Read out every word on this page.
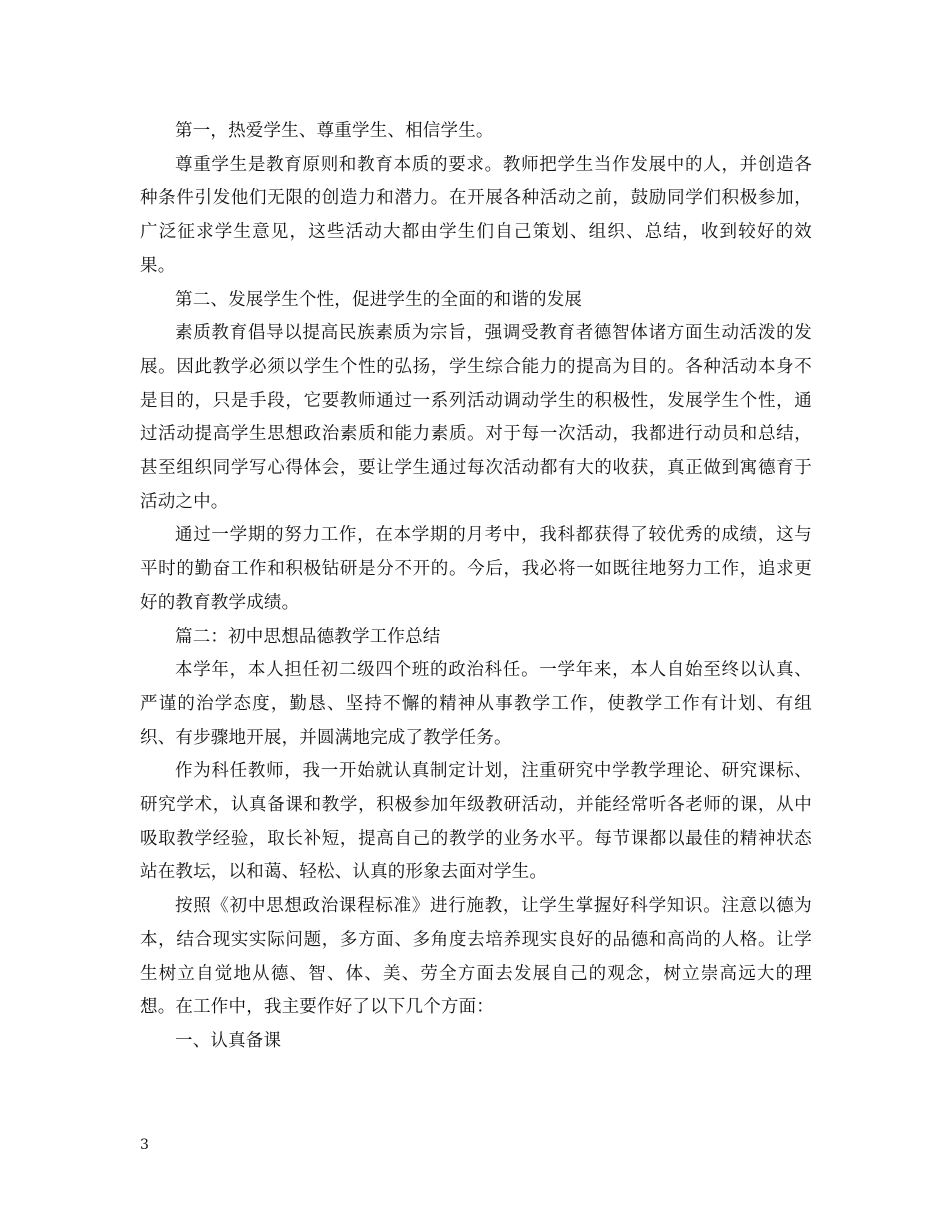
第一，热爱学生、尊重学生、相信学生。

尊重学生是教育原则和教育本质的要求。教师把学生当作发展中的人，并创造各种条件引发他们无限的创造力和潜力。在开展各种活动之前，鼓励同学们积极参加，广泛征求学生意见，这些活动大都由学生们自己策划、组织、总结，收到较好的效果。

第二、发展学生个性，促进学生的全面的和谐的发展

素质教育倡导以提高民族素质为宗旨，强调受教育者德智体诸方面生动活泼的发展。因此教学必须以学生个性的弘扬，学生综合能力的提高为目的。各种活动本身不是目的，只是手段，它要教师通过一系列活动调动学生的积极性，发展学生个性，通过活动提高学生思想政治素质和能力素质。对于每一次活动，我都进行动员和总结，甚至组织同学写心得体会，要让学生通过每次活动都有大的收获，真正做到寓德育于活动之中。

通过一学期的努力工作，在本学期的月考中，我科都获得了较优秀的成绩，这与平时的勤奋工作和积极钻研是分不开的。今后，我必将一如既往地努力工作，追求更好的教育教学成绩。

篇二：初中思想品德教学工作总结

本学年，本人担任初二级四个班的政治科任。一学年来，本人自始至终以认真、严谨的治学态度，勤恳、坚持不懈的精神从事教学工作，使教学工作有计划、有组织、有步骤地开展，并圆满地完成了教学任务。

作为科任教师，我一开始就认真制定计划，注重研究中学教学理论、研究课标、研究学术，认真备课和教学，积极参加年级教研活动，并能经常听各老师的课，从中吸取教学经验，取长补短，提高自己的教学的业务水平。每节课都以最佳的精神状态站在教坛，以和蔼、轻松、认真的形象去面对学生。

按照《初中思想政治课程标准》进行施教，让学生掌握好科学知识。注意以德为本，结合现实实际问题，多方面、多角度去培养现实良好的品德和高尚的人格。让学生树立自觉地从德、智、体、美、劳全方面去发展自己的观念，树立崇高远大的理想。在工作中，我主要作好了以下几个方面：

一、认真备课

3
